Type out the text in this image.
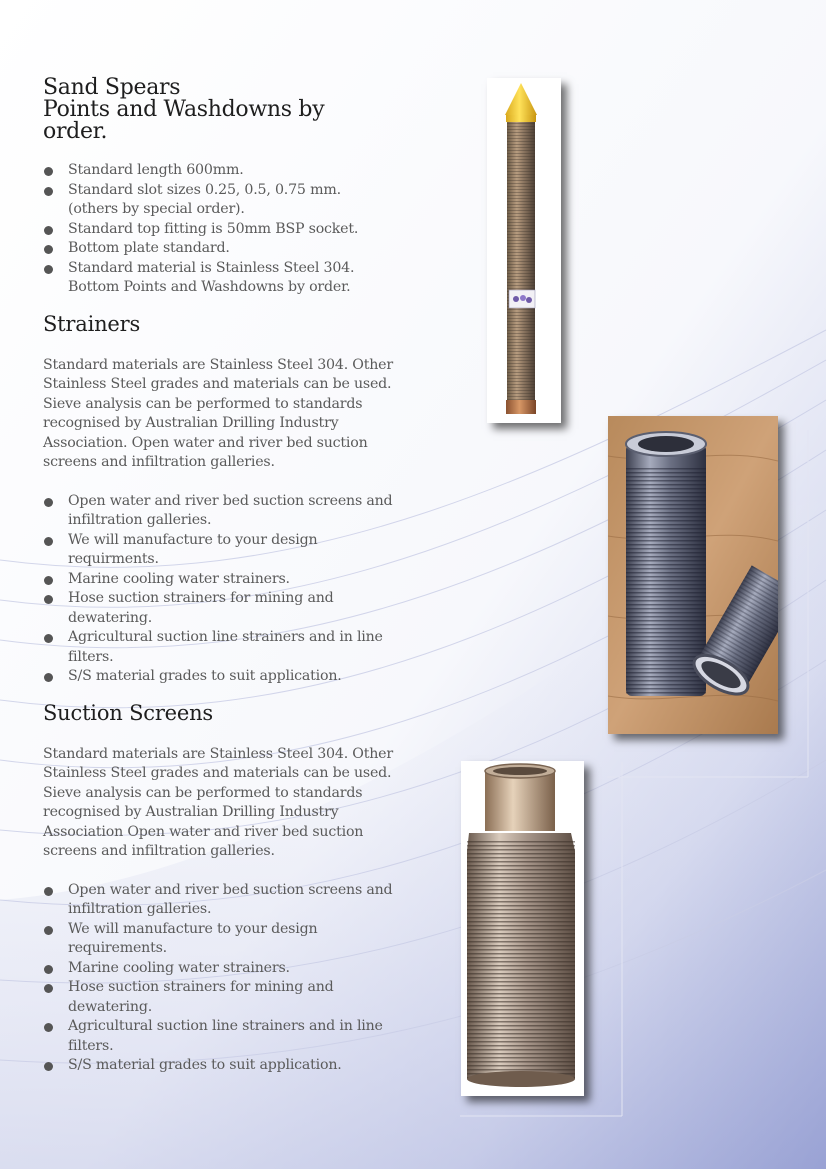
Sand Spears
Points and Washdowns by order.
Standard length 600mm.
Standard slot sizes 0.25, 0.5, 0.75 mm. (others by special order).
Standard top fitting is 50mm BSP socket.
Bottom plate standard.
Standard material is Stainless Steel 304. Bottom Points and Washdowns by order.
Strainers

Standard materials are Stainless Steel 304. Other Stainless Steel grades and materials can be used. Sieve analysis can be performed to standards recognised by Australian Drilling Industry Association. Open water and river bed suction screens and infiltration galleries.

Open water and river bed suction screens and infiltration galleries.
We will manufacture to your design requirments.
Marine cooling water strainers.
Hose suction strainers for mining and dewatering.
Agricultural suction line strainers and in line filters.
S/S material grades to suit application.
Suction Screens

Standard materials are Stainless Steel 304. Other Stainless Steel grades and materials can be used. Sieve analysis can be performed to standards recognised by Australian Drilling Industry Association Open water and river bed suction screens and infiltration galleries.

Open water and river bed suction screens and infiltration galleries.
We will manufacture to your design requirements.
Marine cooling water strainers.
Hose suction strainers for mining and dewatering.
Agricultural suction line strainers and in line filters.
S/S material grades to suit application.
